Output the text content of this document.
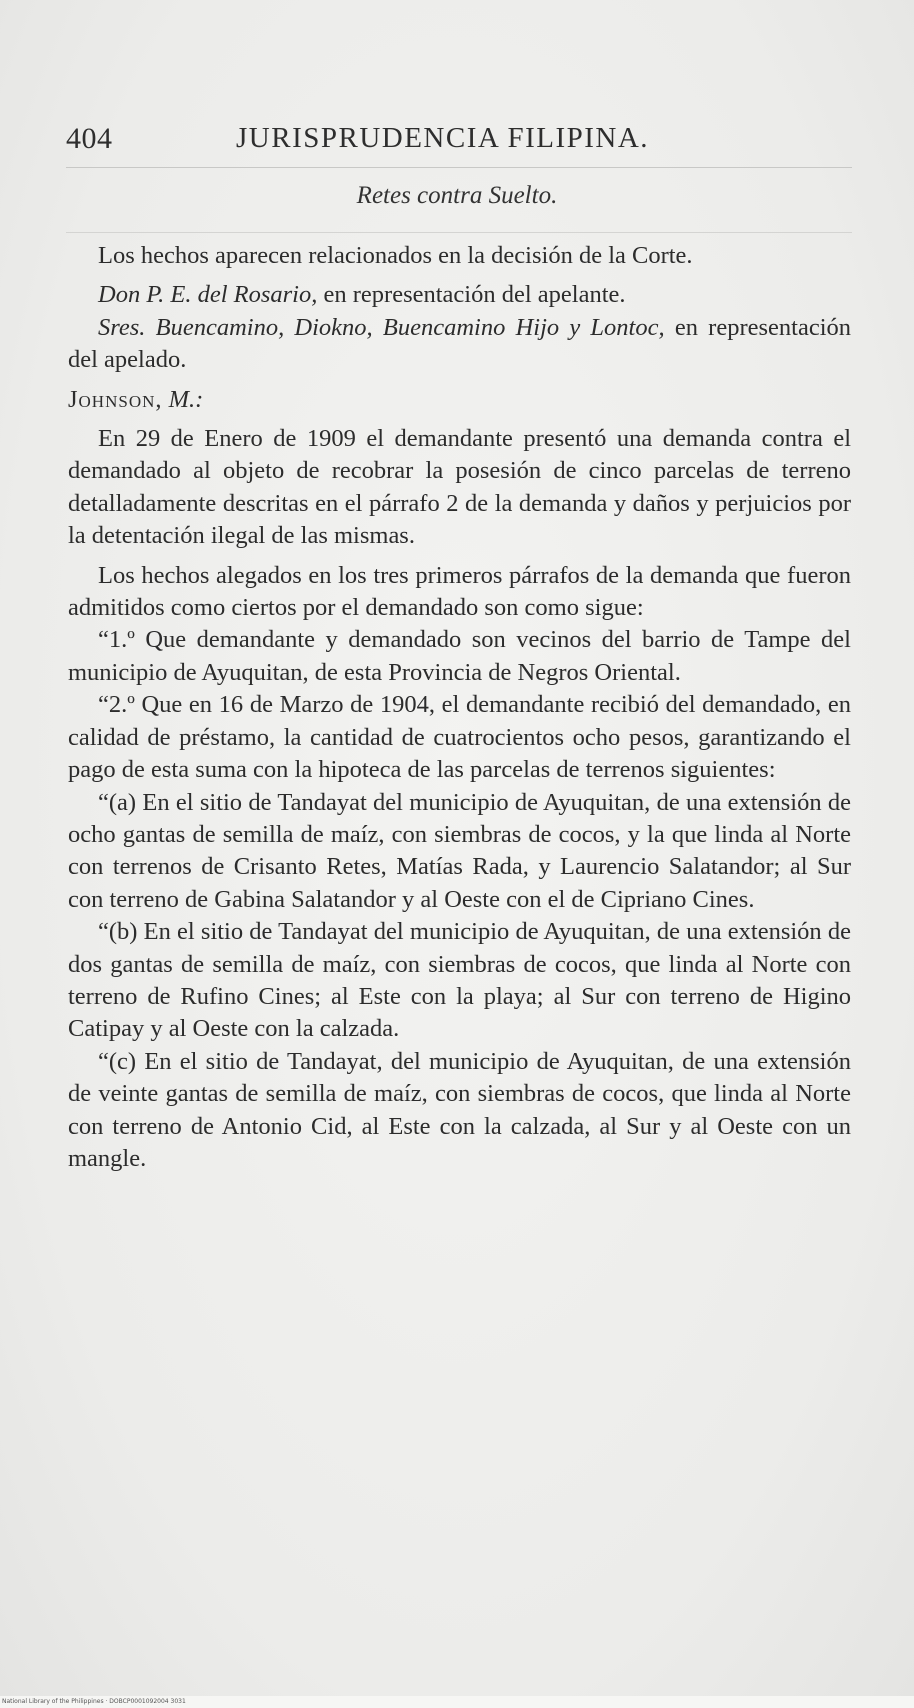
404	JURISPRUDENCIA FILIPINA.
Retes contra Suelto.

Los hechos aparecen relacionados en la decisión de la Corte.

Don P. E. del Rosario, en representación del apelante.

Sres. Buencamino, Diokno, Buencamino Hijo y Lontoc, en representación del apelado.

Johnson, M.:

En 29 de Enero de 1909 el demandante presentó una demanda contra el demandado al objeto de recobrar la posesión de cinco parcelas de terreno detalladamente descritas en el párrafo 2 de la demanda y daños y perjuicios por la detentación ilegal de las mismas.

Los hechos alegados en los tres primeros párrafos de la demanda que fueron admitidos como ciertos por el demandado son como sigue:

“1.º Que demandante y demandado son vecinos del barrio de Tampe del municipio de Ayuquitan, de esta Provincia de Negros Oriental.

“2.º Que en 16 de Marzo de 1904, el demandante recibió del demandado, en calidad de préstamo, la cantidad de cuatrocientos ocho pesos, garantizando el pago de esta suma con la hipoteca de las parcelas de terrenos siguientes:

“(a) En el sitio de Tandayat del municipio de Ayuquitan, de una extensión de ocho gantas de semilla de maíz, con siembras de cocos, y la que linda al Norte con terrenos de Crisanto Retes, Matías Rada, y Laurencio Salatandor; al Sur con terreno de Gabina Salatandor y al Oeste con el de Cipriano Cines.

“(b) En el sitio de Tandayat del municipio de Ayuquitan, de una extensión de dos gantas de semilla de maíz, con siembras de cocos, que linda al Norte con terreno de Rufino Cines; al Este con la playa; al Sur con terreno de Higino Catipay y al Oeste con la calzada.

“(c) En el sitio de Tandayat, del municipio de Ayuquitan, de una extensión de veinte gantas de semilla de maíz, con siembras de cocos, que linda al Norte con terreno de Antonio Cid, al Este con la calzada, al Sur y al Oeste con un mangle.

National Library of the Philippines · DOBCP0001092004 3031
